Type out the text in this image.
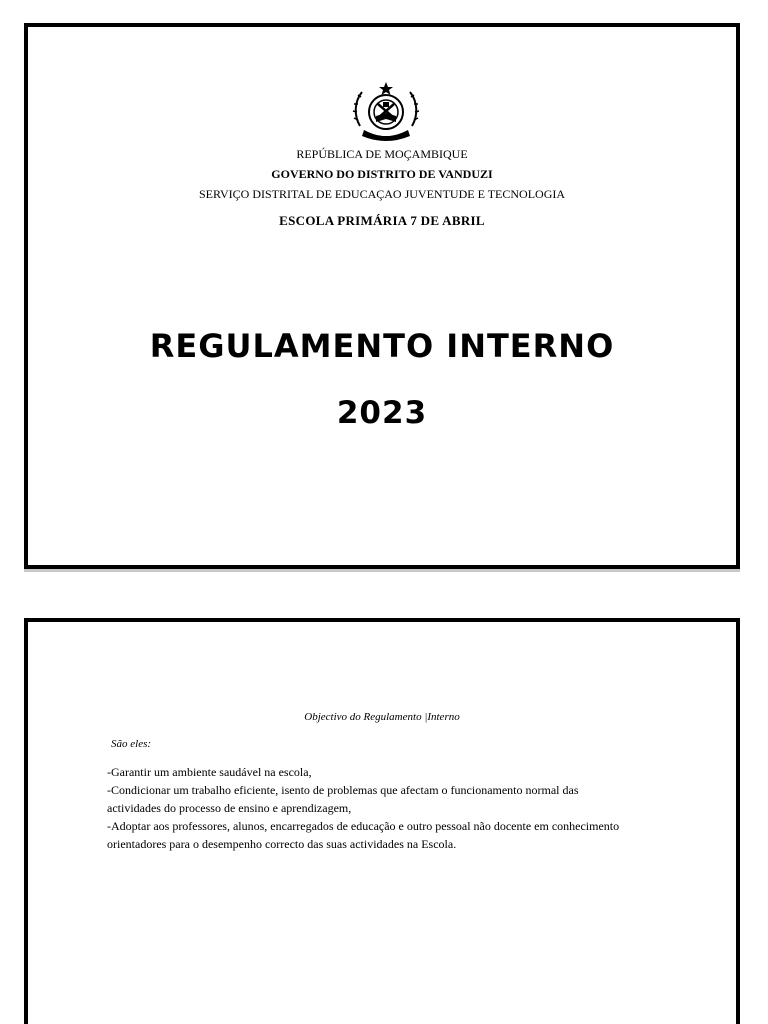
REPÚBLICA DE MOÇAMBIQUE
GOVERNO DO DISTRITO DE VANDUZI
SERVIÇO DISTRITAL DE EDUCAÇAO JUVENTUDE E TECNOLOGIA
ESCOLA PRIMÁRIA 7 DE ABRIL
REGULAMENTO INTERNO
2023
Objectivo do Regulamento |Interno
São eles:
-Garantir um ambiente saudável na escola,
-Condicionar um trabalho eficiente, isento de problemas que afectam o funcionamento normal das
actividades do processo de ensino e aprendizagem,
-Adoptar aos professores, alunos, encarregados de educação e outro pessoal não docente em conhecimento
orientadores para o desempenho correcto das suas actividades na Escola.
